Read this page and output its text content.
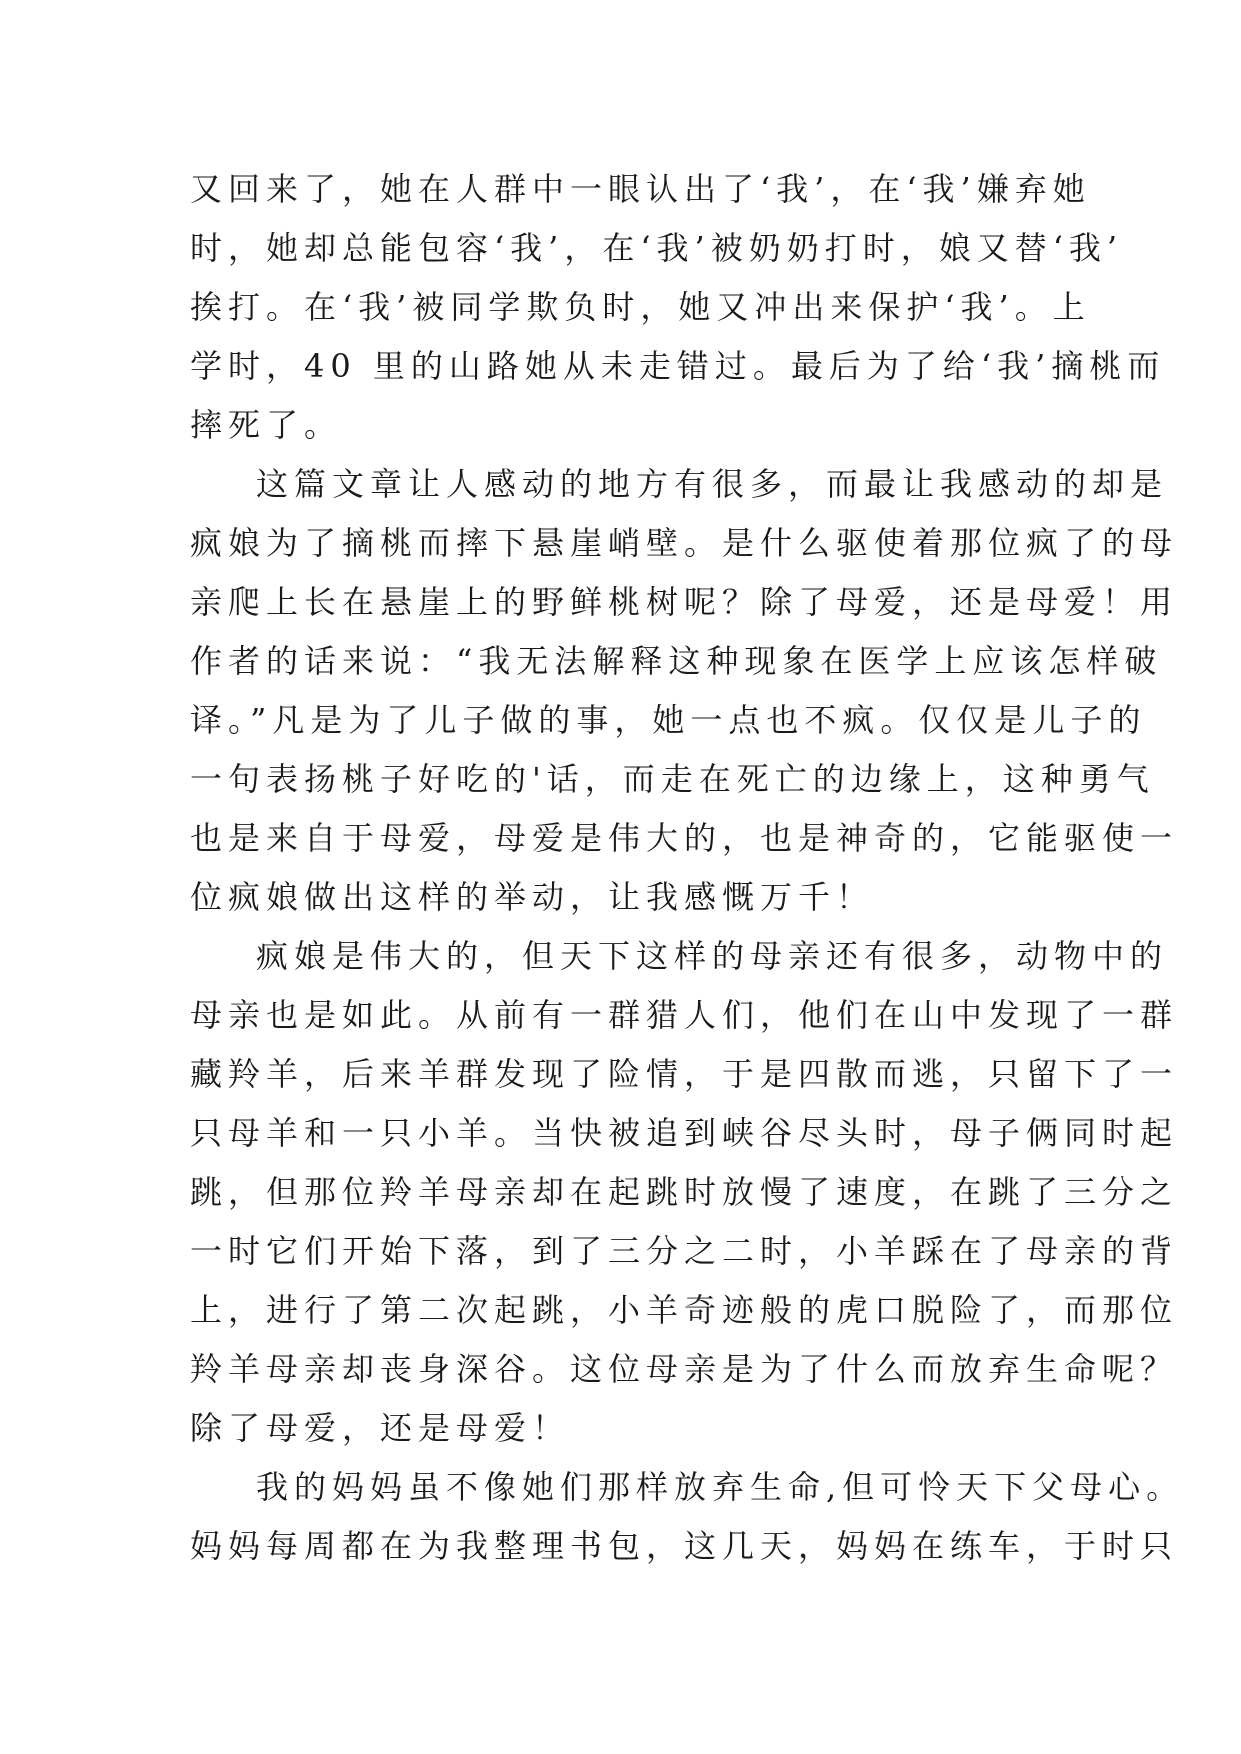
又回来了，她在人群中一眼认出了‘我’，在‘我’嫌弃她
时，她却总能包容‘我’，在‘我’被奶奶打时，娘又替‘我’
挨打。在‘我’被同学欺负时，她又冲出来保护‘我’。上
学时，40 里的山路她从未走错过。最后为了给‘我’摘桃而
摔死了。
这篇文章让人感动的地方有很多，而最让我感动的却是
疯娘为了摘桃而摔下悬崖峭壁。是什么驱使着那位疯了的母
亲爬上长在悬崖上的野鲜桃树呢？除了母爱，还是母爱！用
作者的话来说：“我无法解释这种现象在医学上应该怎样破
译。”凡是为了儿子做的事，她一点也不疯。仅仅是儿子的
一句表扬桃子好吃的'话，而走在死亡的边缘上，这种勇气
也是来自于母爱，母爱是伟大的，也是神奇的，它能驱使一
位疯娘做出这样的举动，让我感慨万千！
疯娘是伟大的，但天下这样的母亲还有很多，动物中的
母亲也是如此。从前有一群猎人们，他们在山中发现了一群
藏羚羊，后来羊群发现了险情，于是四散而逃，只留下了一
只母羊和一只小羊。当快被追到峡谷尽头时，母子俩同时起
跳，但那位羚羊母亲却在起跳时放慢了速度，在跳了三分之
一时它们开始下落，到了三分之二时，小羊踩在了母亲的背
上，进行了第二次起跳，小羊奇迹般的虎口脱险了，而那位
羚羊母亲却丧身深谷。这位母亲是为了什么而放弃生命呢？
除了母爱，还是母爱！
我的妈妈虽不像她们那样放弃生命,但可怜天下父母心。
妈妈每周都在为我整理书包，这几天，妈妈在练车，于时只
